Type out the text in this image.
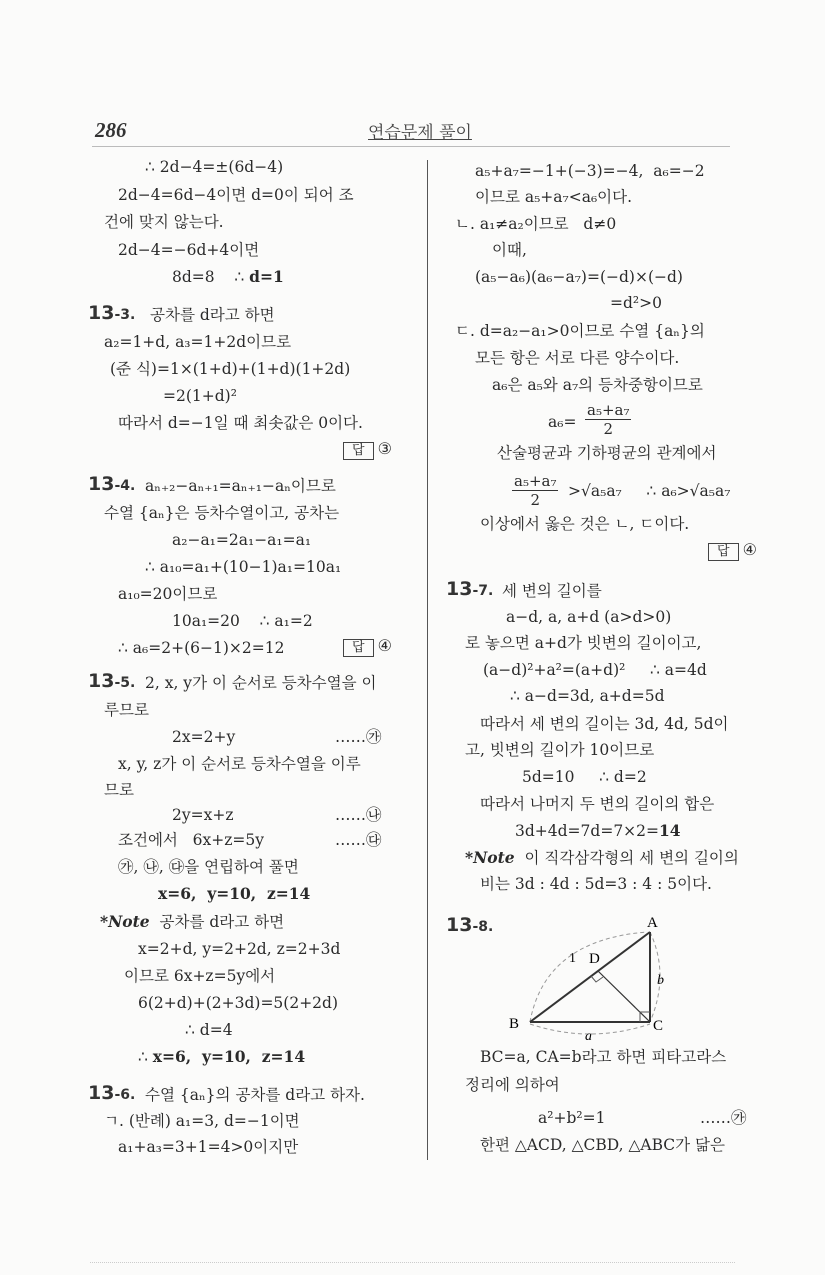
286	연습문제 풀이
∴ 2d−4=±(6d−4)
2d−4=6d−4이면 d=0이 되어 조
건에 맞지 않는다.
2d−4=−6d+4이면
8d=8    ∴ d=1
13-3. 공차를 d라고 하면
a₂=1+d, a₃=1+2d이므로
(준 식)=1×(1+d)+(1+d)(1+2d)
=2(1+d)²
따라서 d=−1일 때 최솟값은 0이다.
답 ③
13-4. aₙ₊₂−aₙ₊₁=aₙ₊₁−aₙ이므로
수열 {aₙ}은 등차수열이고, 공차는
a₂−a₁=2a₁−a₁=a₁
∴ a₁₀=a₁+(10−1)a₁=10a₁
a₁₀=20이므로
10a₁=20    ∴ a₁=2
∴ a₆=2+(6−1)×2=12	답 ④
13-5. 2, x, y가 이 순서로 등차수열을 이
루므로
2x=2+y	……㉮
x, y, z가 이 순서로 등차수열을 이루
므로
2y=x+z	……㉯
조건에서   6x+z=5y	……㉰
㉮, ㉯, ㉰을 연립하여 풀면
x=6,  y=10,  z=14
*Note 공차를 d라고 하면
x=2+d, y=2+2d, z=2+3d
이므로 6x+z=5y에서
6(2+d)+(2+3d)=5(2+2d)
∴ d=4
∴ x=6,  y=10,  z=14
13-6. 수열 {aₙ}의 공차를 d라고 하자.
ㄱ. (반례) a₁=3, d=−1이면
a₁+a₃=3+1=4>0이지만
a₅+a₇=−1+(−3)=−4,  a₆=−2
이므로 a₅+a₇<a₆이다.
ㄴ. a₁≠a₂이므로   d≠0
이때,
(a₅−a₆)(a₆−a₇)=(−d)×(−d)
=d²>0
ㄷ. d=a₂−a₁>0이므로 수열 {aₙ}의
모든 항은 서로 다른 양수이다.
a₆은 a₅와 a₇의 등차중항이므로
$a_6= \frac{\text{a₅+a₇}}{2}$
산술평균과 기하평균의 관계에서
$\frac{\text{a₅+a₇}}{2} >√a_5a_7$     ∴ a₆>√a₅a₇
이상에서 옳은 것은 ㄴ, ㄷ이다.
답 ④
13-7. 세 변의 길이를
a−d, a, a+d (a>d>0)
로 놓으면 a+d가 빗변의 길이이고,
(a−d)²+a²=(a+d)²     ∴ a=4d
∴ a−d=3d, a+d=5d
따라서 세 변의 길이는 3d, 4d, 5d이
고, 빗변의 길이가 10이므로
5d=10     ∴ d=2
따라서 나머지 두 변의 길이의 합은
3d+4d=7d=7×2=14
*Note 이 직각삼각형의 세 변의 길이의
비는 3d : 4d : 5d=3 : 4 : 5이다.
13-8.
B
A
C
D
1
b
a
BC=a, CA=b라고 하면 피타고라스
정리에 의하여
a²+b²=1	……㉮
한편 △ACD, △CBD, △ABC가 닮은
